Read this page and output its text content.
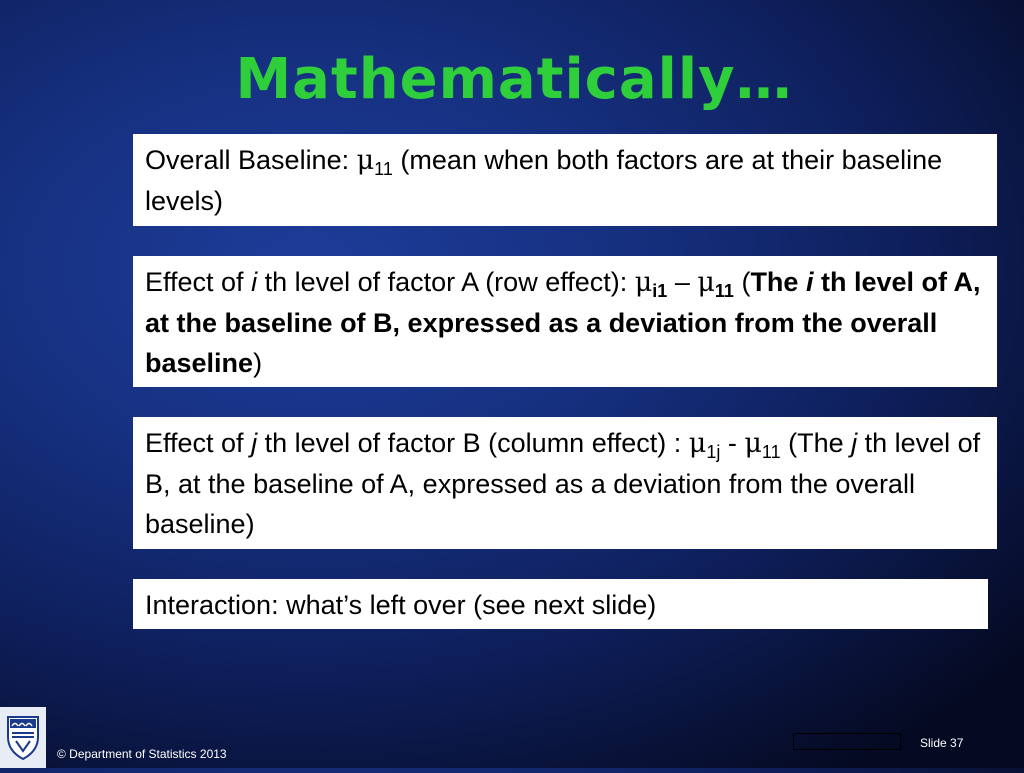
Mathematically…
Overall Baseline: $\mu_{11}$ (mean when both factors are at their baseline levels)
Effect of i th level of factor A (row effect): $\mu_{i1} - \mu_{11}$ (The i th level of A, at the baseline of B, expressed as a deviation from the overall baseline)
Effect of j th level of factor B (column effect) : $\mu_{1j} - \mu_{11}$ (The j th level of B, at the baseline of A, expressed as a deviation from the overall baseline)
Interaction: what’s left over (see next slide)
© Department of Statistics 2013
Slide 37
